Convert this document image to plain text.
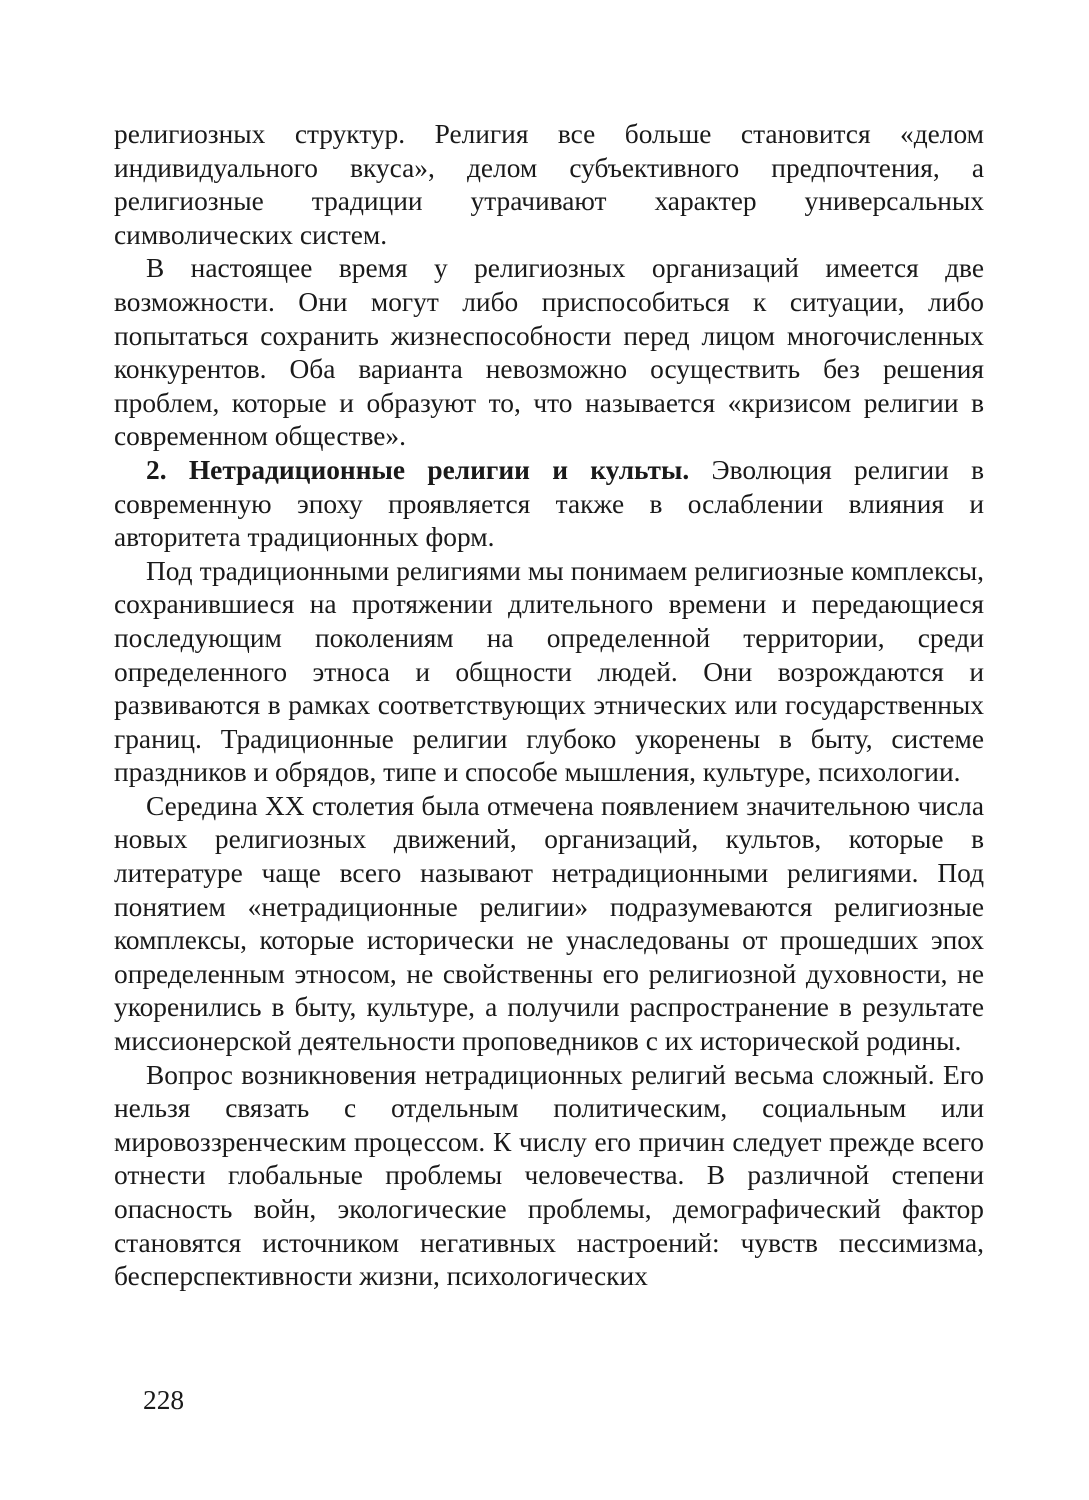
религиозных структур. Религия все больше становится «делом индивидуального вкуса», делом субъективного предпочтения, а религиозные традиции утрачивают характер универсальных символических систем.

В настоящее время у религиозных организаций имеется две возможности. Они могут либо приспособиться к ситуации, либо попытаться сохранить жизнеспособности перед лицом многочисленных конкурентов. Оба варианта невозможно осуществить без решения проблем, которые и образуют то, что называется «кризисом религии в современном обществе».

2. Нетрадиционные религии и культы. Эволюция религии в современную эпоху проявляется также в ослаблении влияния и авторитета традиционных форм.

Под традиционными религиями мы понимаем религиозные комплексы, сохранившиеся на протяжении длительного времени и передающиеся последующим поколениям на определенной территории, среди определенного этноса и общности людей. Они возрождаются и развиваются в рамках соответствующих этнических или государственных границ. Традиционные религии глубоко укоренены в быту, системе праздников и обрядов, типе и способе мышления, культуре, психологии.

Середина XX столетия была отмечена появлением значительною числа новых религиозных движений, организаций, культов, которые в литературе чаще всего называют нетрадиционными религиями. Под понятием «нетрадиционные религии» подразумеваются религиозные комплексы, которые исторически не унаследованы от прошедших эпох определенным этносом, не свойственны его религиозной духовности, не укоренились в быту, культуре, а получили распространение в результате миссионерской деятельности проповедников с их исторической родины.

Вопрос возникновения нетрадиционных религий весьма сложный. Его нельзя связать с отдельным политическим, социальным или мировоззренческим процессом. К числу его причин следует прежде всего отнести глобальные проблемы человечества. В различной степени опасность войн, экологические проблемы, демографический фактор становятся источником негативных настроений: чувств пессимизма, бесперспективности жизни, психологических

228
